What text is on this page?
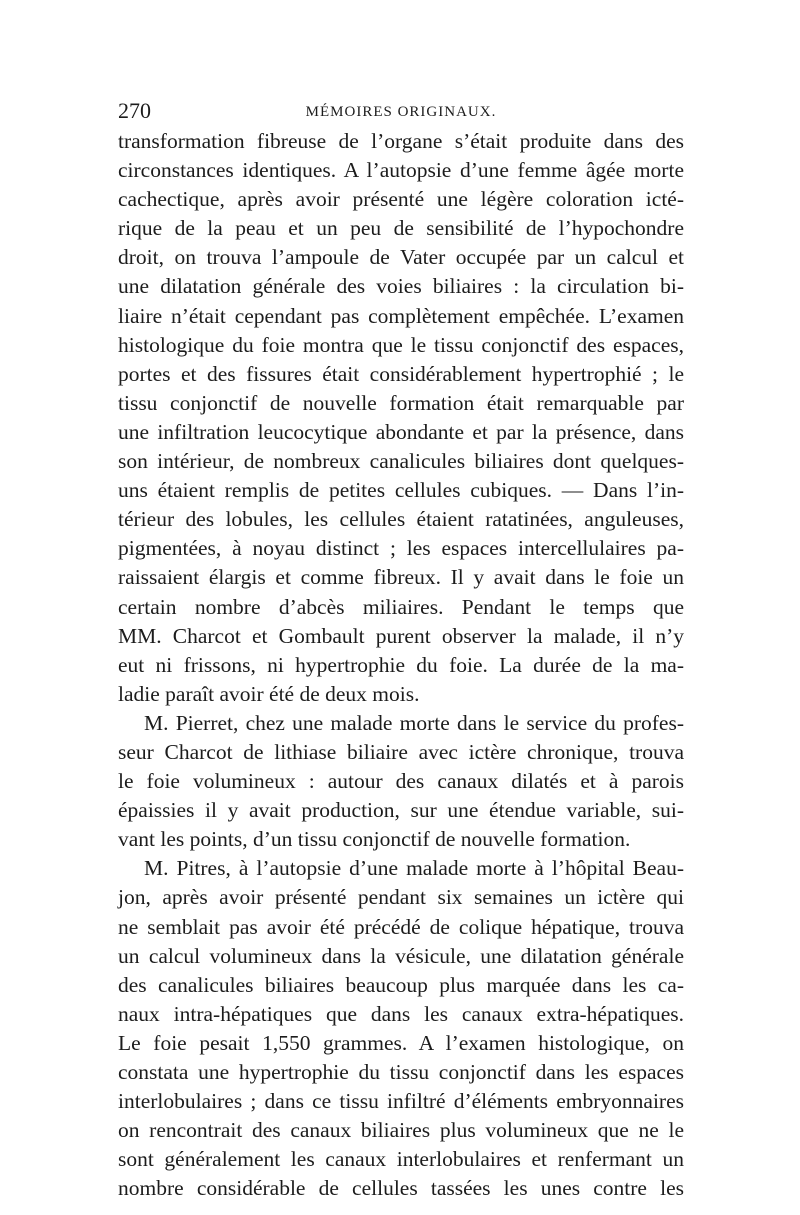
270	MÉMOIRES ORIGINAUX.
transformation fibreuse de l’organe s’était produite dans des
circonstances identiques. A l’autopsie d’une femme âgée morte
cachectique, après avoir présenté une légère coloration icté-
rique de la peau et un peu de sensibilité de l’hypochondre
droit, on trouva l’ampoule de Vater occupée par un calcul et
une dilatation générale des voies biliaires : la circulation bi-
liaire n’était cependant pas complètement empêchée. L’examen
histologique du foie montra que le tissu conjonctif des espaces,
portes et des fissures était considérablement hypertrophié ; le
tissu conjonctif de nouvelle formation était remarquable par
une infiltration leucocytique abondante et par la présence, dans
son intérieur, de nombreux canalicules biliaires dont quelques-
uns étaient remplis de petites cellules cubiques. — Dans l’in-
térieur des lobules, les cellules étaient ratatinées, anguleuses,
pigmentées, à noyau distinct ; les espaces intercellulaires pa-
raissaient élargis et comme fibreux. Il y avait dans le foie un
certain nombre d’abcès miliaires. Pendant le temps que
MM. Charcot et Gombault purent observer la malade, il n’y
eut ni frissons, ni hypertrophie du foie. La durée de la ma-
ladie paraît avoir été de deux mois.
M. Pierret, chez une malade morte dans le service du profes-
seur Charcot de lithiase biliaire avec ictère chronique, trouva
le foie volumineux : autour des canaux dilatés et à parois
épaissies il y avait production, sur une étendue variable, sui-
vant les points, d’un tissu conjonctif de nouvelle formation.
M. Pitres, à l’autopsie d’une malade morte à l’hôpital Beau-
jon, après avoir présenté pendant six semaines un ictère qui
ne semblait pas avoir été précédé de colique hépatique, trouva
un calcul volumineux dans la vésicule, une dilatation générale
des canalicules biliaires beaucoup plus marquée dans les ca-
naux intra-hépatiques que dans les canaux extra-hépatiques.
Le foie pesait 1,550 grammes. A l’examen histologique, on
constata une hypertrophie du tissu conjonctif dans les espaces
interlobulaires ; dans ce tissu infiltré d’éléments embryonnaires
on rencontrait des canaux biliaires plus volumineux que ne le
sont généralement les canaux interlobulaires et renfermant un
nombre considérable de cellules tassées les unes contre les
